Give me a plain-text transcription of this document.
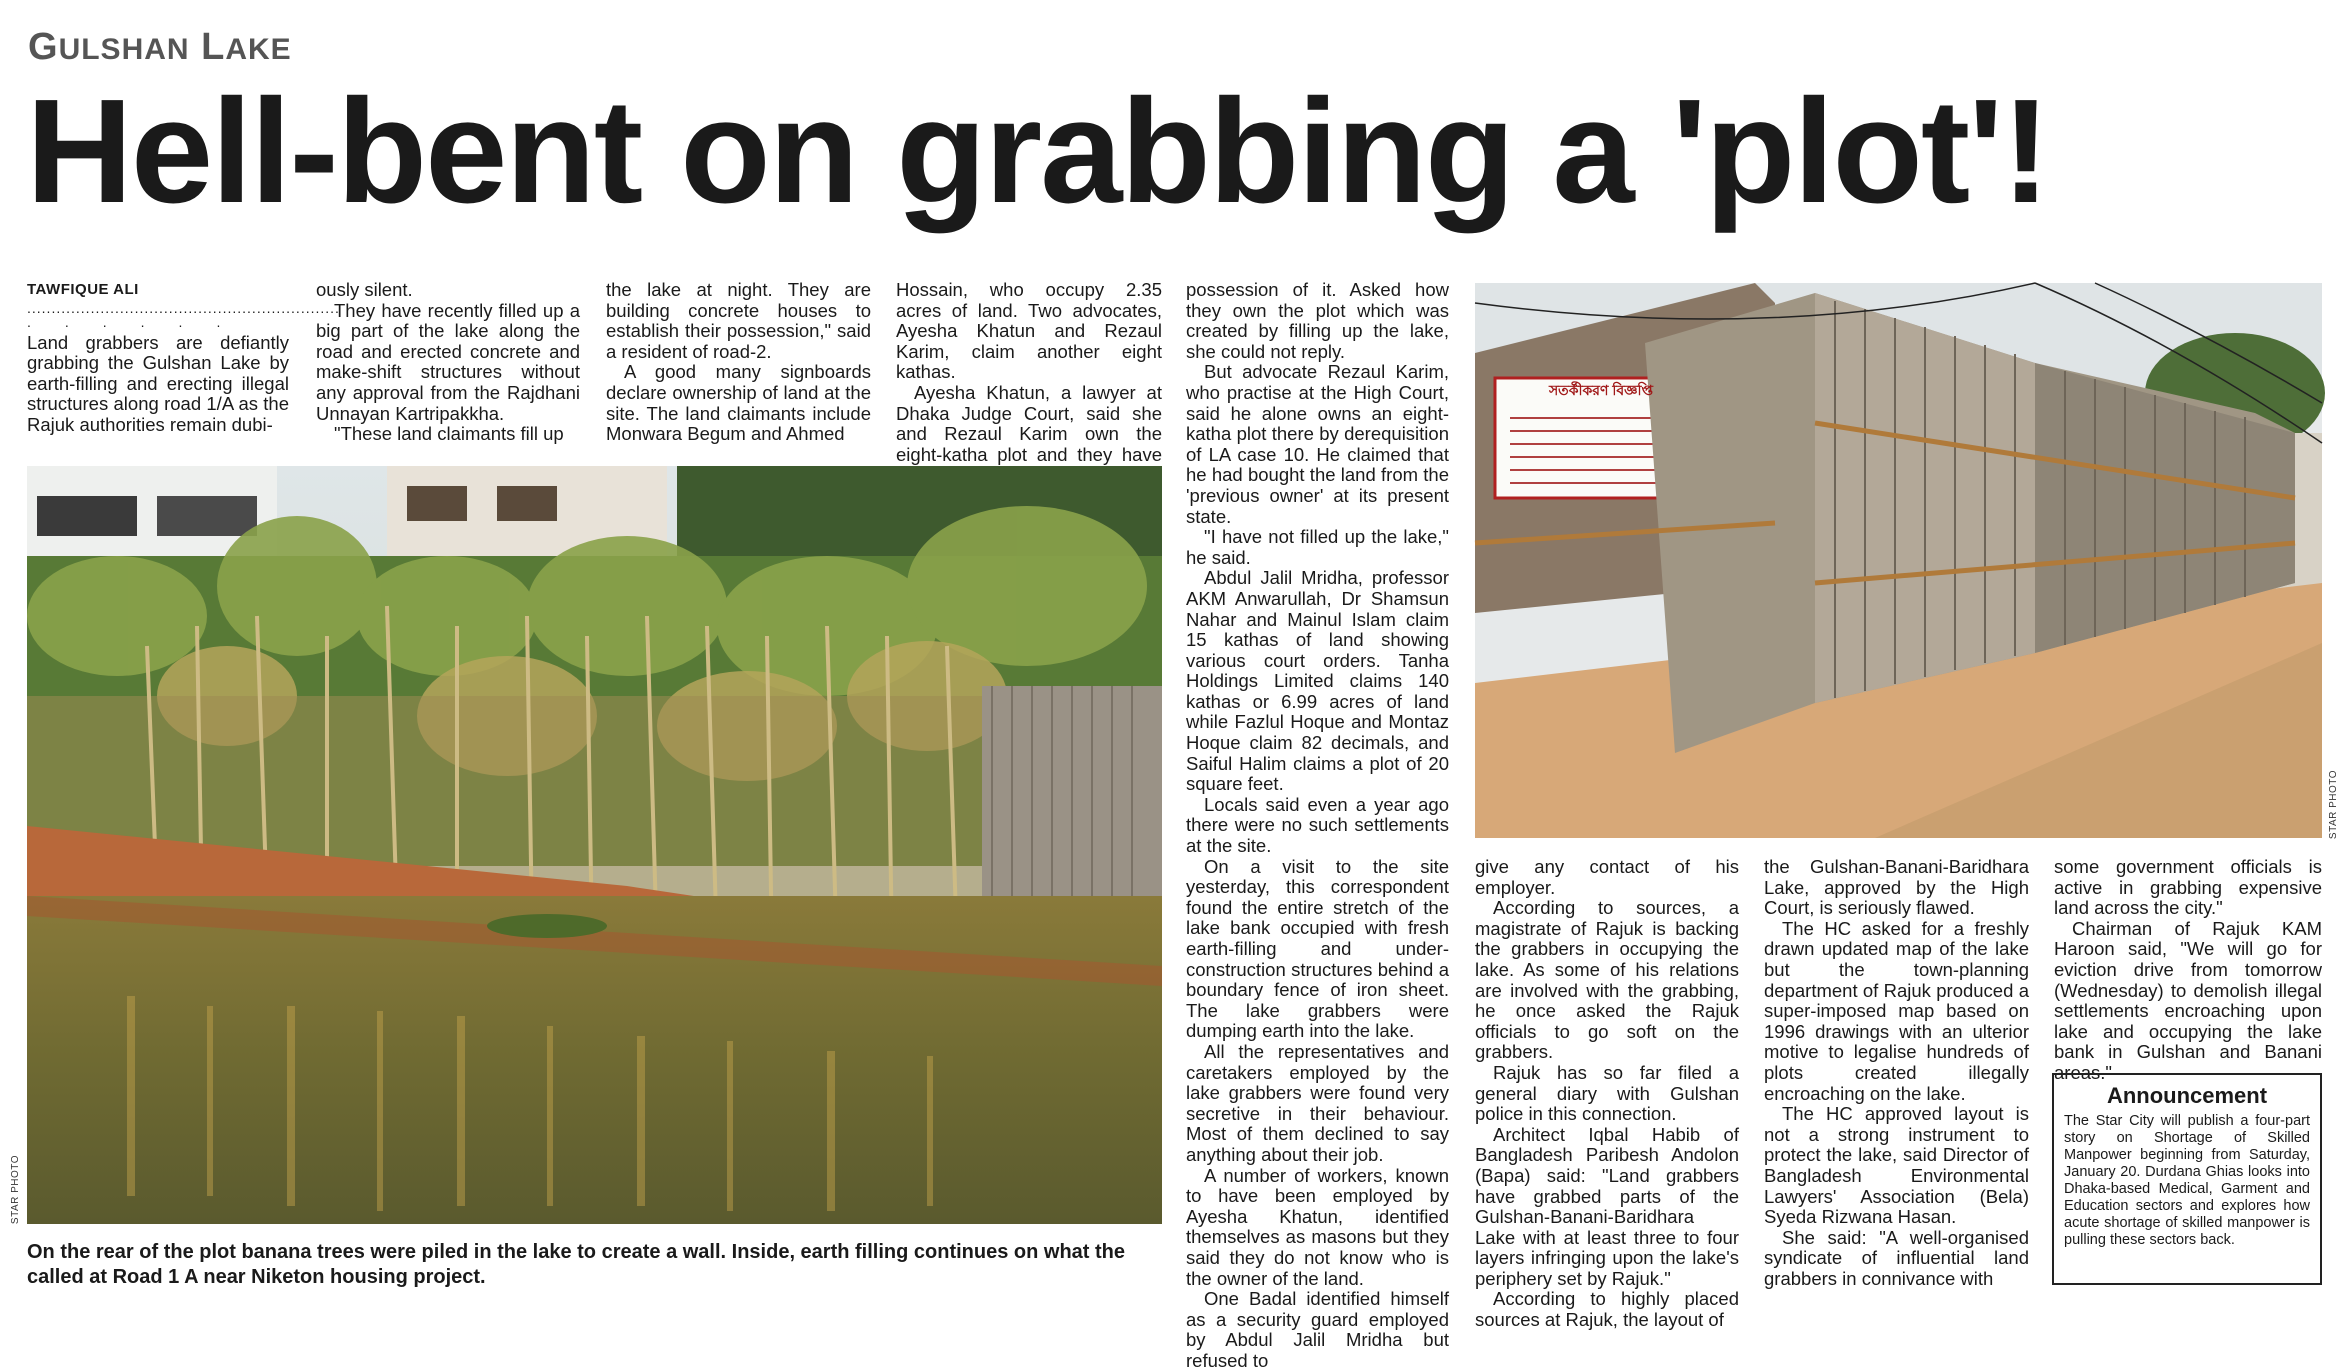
GULSHAN LAKE
Hell-bent on grabbing a 'plot'!
TAWFIQUE ALI
................................................................
......

Land grabbers are defiantly grabbing the Gulshan Lake by earth-filling and erecting illegal structures along road 1/A as the Rajuk authorities remain dubi-

ously silent.

They have recently filled up a big part of the lake along the road and erected concrete and make-shift structures without any approval from the Rajdhani Unnayan Kartripakkha.

"These land claimants fill up

the lake at night. They are building concrete houses to establish their possession," said a resident of road-2.

A good many signboards declare ownership of land at the site. The land claimants include Monwara Begum and Ahmed

Hossain, who occupy 2.35 acres of land. Two advocates, Ayesha Khatun and Rezaul Karim, claim another eight kathas.

Ayesha Khatun, a lawyer at Dhaka Judge Court, said she and Rezaul Karim own the eight-katha plot and they have

possession of it. Asked how they own the plot which was created by filling up the lake, she could not reply.

But advocate Rezaul Karim, who practise at the High Court, said he alone owns an eight-katha plot there by derequisition of LA case 10. He claimed that he had bought the land from the 'previous owner' at its present state.

"I have not filled up the lake," he said.

Abdul Jalil Mridha, professor AKM Anwarullah, Dr Shamsun Nahar and Mainul Islam claim 15 kathas of land showing various court orders. Tanha Holdings Limited claims 140 kathas or 6.99 acres of land while Fazlul Hoque and Montaz Hoque claim 82 decimals, and Saiful Halim claims a plot of 20 square feet.

Locals said even a year ago there were no such settlements at the site.

On a visit to the site yesterday, this correspondent found the entire stretch of the lake bank occupied with fresh earth-filling and under-construction structures behind a boundary fence of iron sheet. The lake grabbers were dumping earth into the lake.

All the representatives and caretakers employed by the lake grabbers were found very secretive in their behaviour. Most of them declined to say anything about their job.

A number of workers, known to have been employed by Ayesha Khatun, identified themselves as masons but they said they do not know who is the owner of the land.

One Badal identified himself as a security guard employed by Abdul Jalil Mridha but refused to

give any contact of his employer.

According to sources, a magistrate of Rajuk is backing the grabbers in occupying the lake. As some of his relations are involved with the grabbing, he once asked the Rajuk officials to go soft on the grabbers.

Rajuk has so far filed a general diary with Gulshan police in this connection.

Architect Iqbal Habib of Bangladesh Paribesh Andolon (Bapa) said: "Land grabbers have grabbed parts of the Gulshan-Banani-Baridhara Lake with at least three to four layers infringing upon the lake's periphery set by Rajuk."

According to highly placed sources at Rajuk, the layout of

the Gulshan-Banani-Baridhara Lake, approved by the High Court, is seriously flawed.

The HC asked for a freshly drawn updated map of the lake but the town-planning department of Rajuk produced a super-imposed map based on 1996 drawings with an ulterior motive to legalise hundreds of plots created illegally encroaching on the lake.

The HC approved layout is not a strong instrument to protect the lake, said Director of Bangladesh Environmental Lawyers' Association (Bela) Syeda Rizwana Hasan.

She said: "A well-organised syndicate of influential land grabbers in connivance with

some government officials is active in grabbing expensive land across the city."

Chairman of Rajuk KAM Haroon said, "We will go for eviction drive from tomorrow (Wednesday) to demolish illegal settlements encroaching upon lake and occupying the lake bank in Gulshan and Banani areas."

STAR PHOTO
সতর্কীকরণ বিজ্ঞপ্তি
STAR PHOTO
On the rear of the plot banana trees were piled in the lake to create a wall. Inside, earth filling continues on what the called at Road 1 A near Niketon housing project.
Announcement
The Star City will publish a four-part story on Shortage of Skilled Manpower beginning from Saturday, January 20. Durdana Ghias looks into Dhaka-based Medical, Garment and Education sectors and explores how acute shortage of skilled manpower is pulling these sectors back.
